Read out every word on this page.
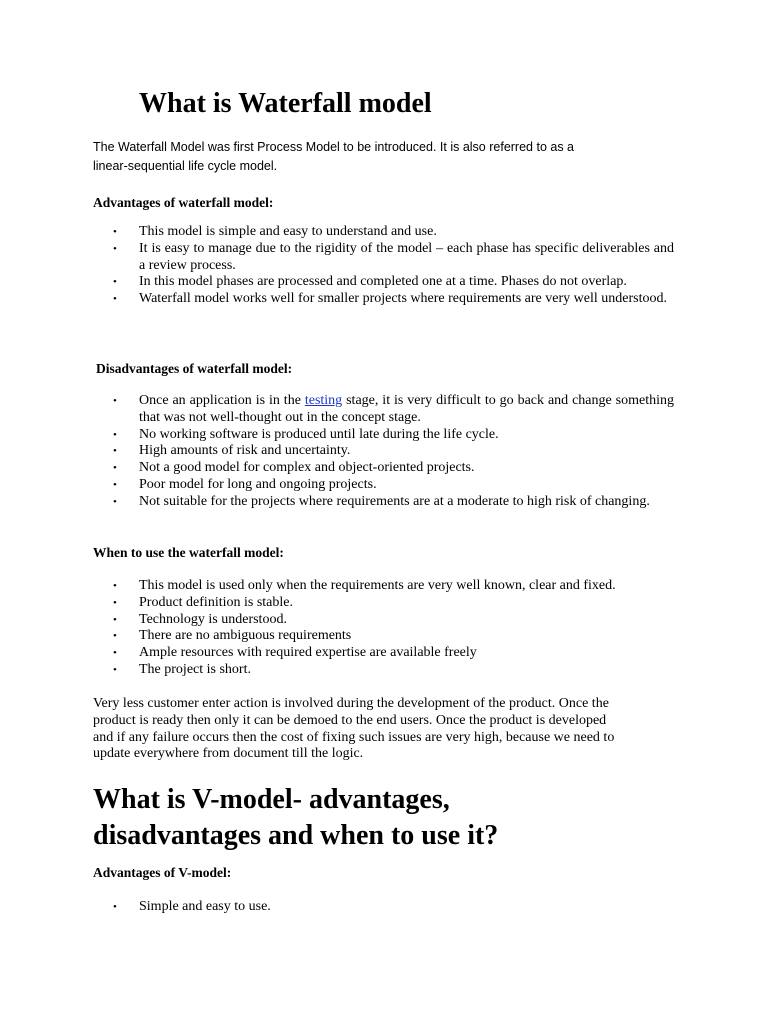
What is Waterfall model

The Waterfall Model was first Process Model to be introduced. It is also referred to as a
linear-sequential life cycle model.

Advantages of waterfall model:
• This model is simple and easy to understand and use.
• It is easy to manage due to the rigidity of the model – each phase has specific deliverables and a review process.
• In this model phases are processed and completed one at a time. Phases do not overlap.
• Waterfall model works well for smaller projects where requirements are very well understood.
Disadvantages of waterfall model:
• Once an application is in the testing stage, it is very difficult to go back and change something that was not well-thought out in the concept stage.
• No working software is produced until late during the life cycle.
• High amounts of risk and uncertainty.
• Not a good model for complex and object-oriented projects.
• Poor model for long and ongoing projects.
• Not suitable for the projects where requirements are at a moderate to high risk of changing.
When to use the waterfall model:
• This model is used only when the requirements are very well known, clear and fixed.
• Product definition is stable.
• Technology is understood.
• There are no ambiguous requirements
• Ample resources with required expertise are available freely
• The project is short.

Very less customer enter action is involved during the development of the product. Once the
product is ready then only it can be demoed to the end users. Once the product is developed
and if any failure occurs then the cost of fixing such issues are very high, because we need to
update everywhere from document till the logic.

What is V-model- advantages,
disadvantages and when to use it?
Advantages of V-model:
• Simple and easy to use.
